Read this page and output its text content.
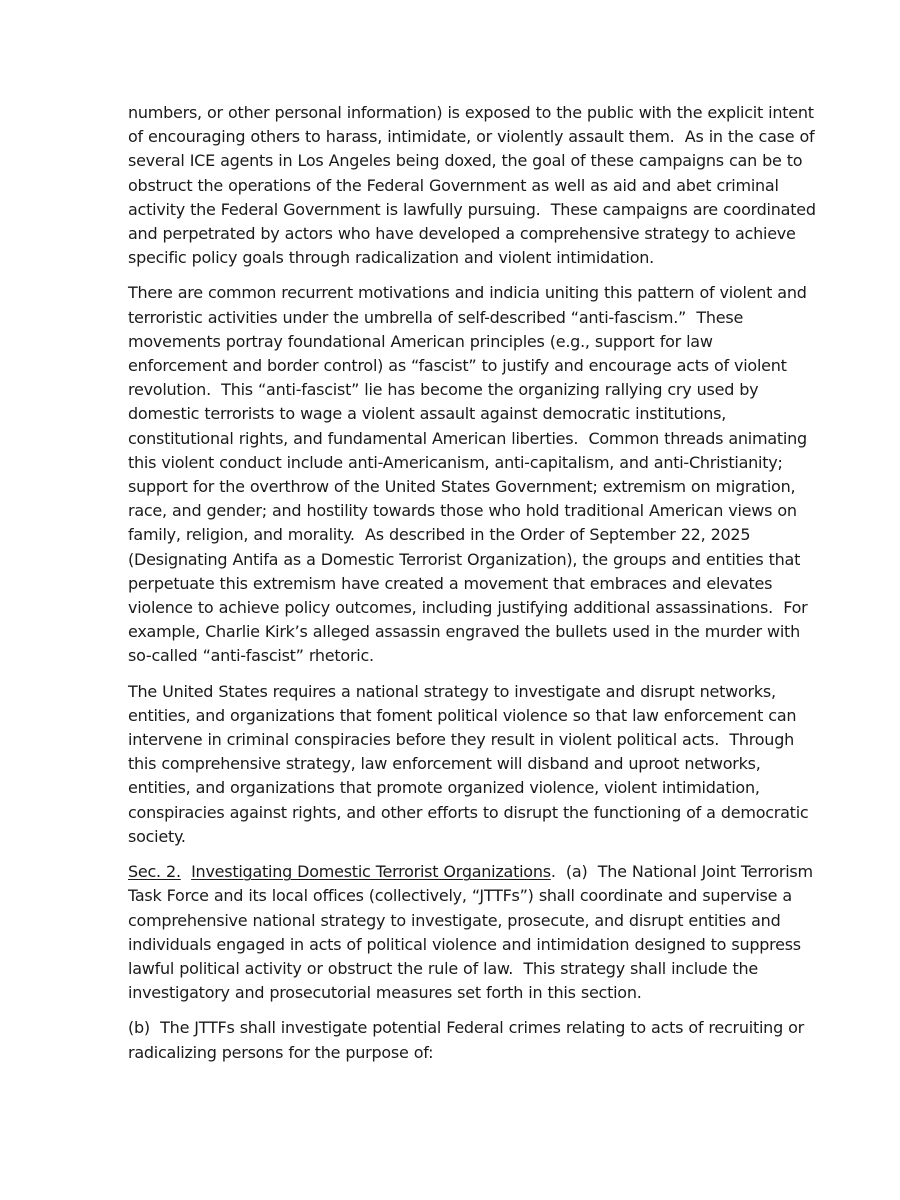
numbers, or other personal information) is exposed to the public with the explicit intent
of encouraging others to harass, intimidate, or violently assault them.  As in the case of
several ICE agents in Los Angeles being doxed, the goal of these campaigns can be to
obstruct the operations of the Federal Government as well as aid and abet criminal
activity the Federal Government is lawfully pursuing.  These campaigns are coordinated
and perpetrated by actors who have developed a comprehensive strategy to achieve
specific policy goals through radicalization and violent intimidation.
There are common recurrent motivations and indicia uniting this pattern of violent and
terroristic activities under the umbrella of self-described “anti-fascism.”  These
movements portray foundational American principles (e.g., support for law
enforcement and border control) as “fascist” to justify and encourage acts of violent
revolution.  This “anti-fascist” lie has become the organizing rallying cry used by
domestic terrorists to wage a violent assault against democratic institutions,
constitutional rights, and fundamental American liberties.  Common threads animating
this violent conduct include anti-Americanism, anti-capitalism, and anti-Christianity;
support for the overthrow of the United States Government; extremism on migration,
race, and gender; and hostility towards those who hold traditional American views on
family, religion, and morality.  As described in the Order of September 22, 2025
(Designating Antifa as a Domestic Terrorist Organization), the groups and entities that
perpetuate this extremism have created a movement that embraces and elevates
violence to achieve policy outcomes, including justifying additional assassinations.  For
example, Charlie Kirk’s alleged assassin engraved the bullets used in the murder with
so-called “anti-fascist” rhetoric.
The United States requires a national strategy to investigate and disrupt networks,
entities, and organizations that foment political violence so that law enforcement can
intervene in criminal conspiracies before they result in violent political acts.  Through
this comprehensive strategy, law enforcement will disband and uproot networks,
entities, and organizations that promote organized violence, violent intimidation,
conspiracies against rights, and other efforts to disrupt the functioning of a democratic
society.
Sec. 2. Investigating Domestic Terrorist Organizations.  (a)  The National Joint Terrorism
Task Force and its local offices (collectively, “JTTFs”) shall coordinate and supervise a
comprehensive national strategy to investigate, prosecute, and disrupt entities and
individuals engaged in acts of political violence and intimidation designed to suppress
lawful political activity or obstruct the rule of law.  This strategy shall include the
investigatory and prosecutorial measures set forth in this section.
(b)  The JTTFs shall investigate potential Federal crimes relating to acts of recruiting or
radicalizing persons for the purpose of:
